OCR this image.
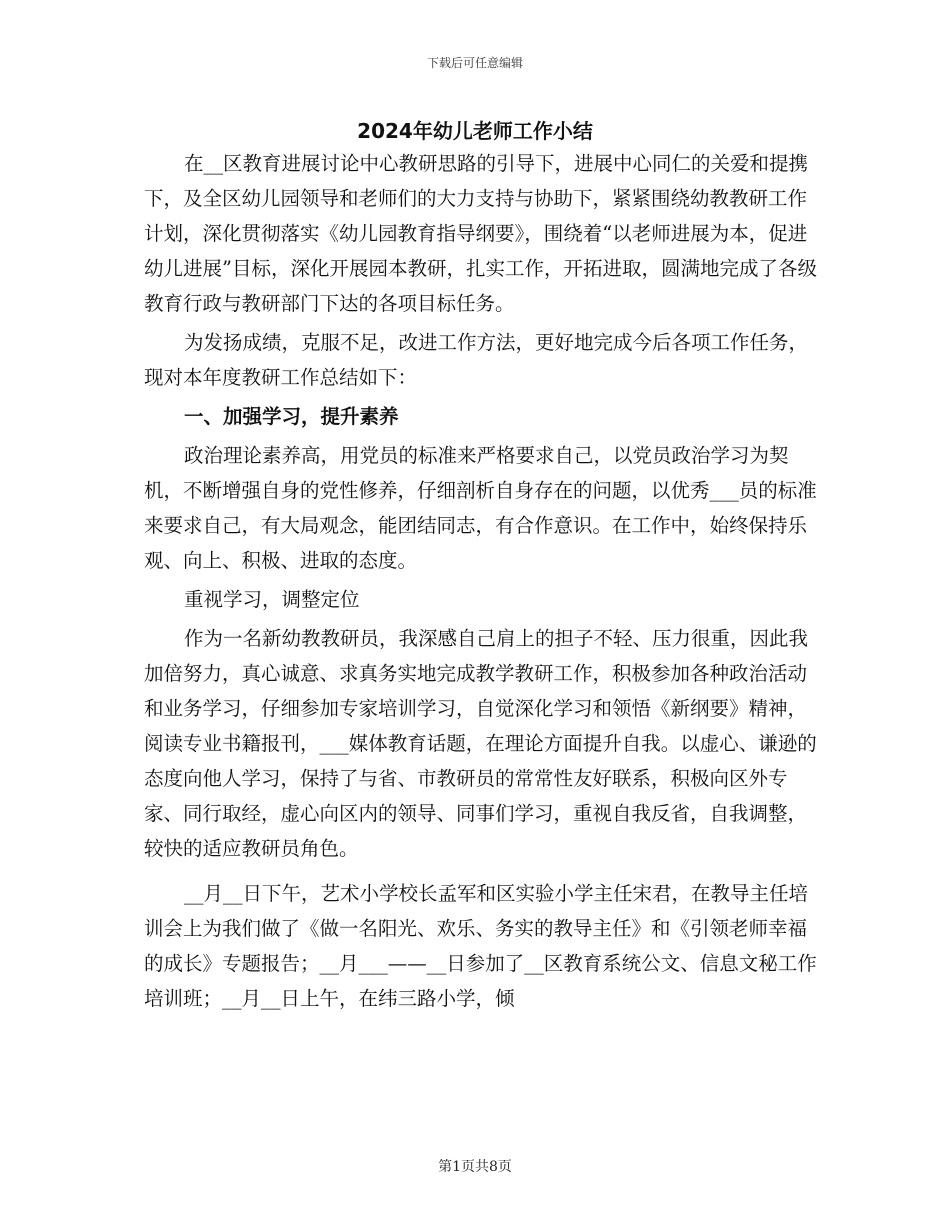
下载后可任意编辑
2024年幼儿老师工作小结

在__区教育进展讨论中心教研思路的引导下，进展中心同仁的关爱和提携下，及全区幼儿园领导和老师们的大力支持与协助下，紧紧围绕幼教教研工作计划，深化贯彻落实《幼儿园教育指导纲要》，围绕着“以老师进展为本，促进幼儿进展”目标，深化开展园本教研，扎实工作，开拓进取，圆满地完成了各级教育行政与教研部门下达的各项目标任务。

为发扬成绩，克服不足，改进工作方法，更好地完成今后各项工作任务，现对本年度教研工作总结如下：

一、加强学习，提升素养

政治理论素养高，用党员的标准来严格要求自己，以党员政治学习为契机，不断增强自身的党性修养，仔细剖析自身存在的问题，以优秀___员的标准来要求自己，有大局观念，能团结同志，有合作意识。在工作中，始终保持乐观、向上、积极、进取的态度。

重视学习，调整定位

作为一名新幼教教研员，我深感自己肩上的担子不轻、压力很重，因此我加倍努力，真心诚意、求真务实地完成教学教研工作，积极参加各种政治活动和业务学习，仔细参加专家培训学习，自觉深化学习和领悟《新纲要》精神，阅读专业书籍报刊，___媒体教育话题，在理论方面提升自我。以虚心、谦逊的态度向他人学习，保持了与省、市教研员的常常性友好联系，积极向区外专家、同行取经，虚心向区内的领导、同事们学习，重视自我反省，自我调整，较快的适应教研员角色。

__月__日下午，艺术小学校长孟军和区实验小学主任宋君，在教导主任培训会上为我们做了《做一名阳光、欢乐、务实的教导主任》和《引领老师幸福的成长》专题报告；__月___——__日参加了__区教育系统公文、信息文秘工作培训班；__月__日上午，在纬三路小学，倾

第1页共8页
